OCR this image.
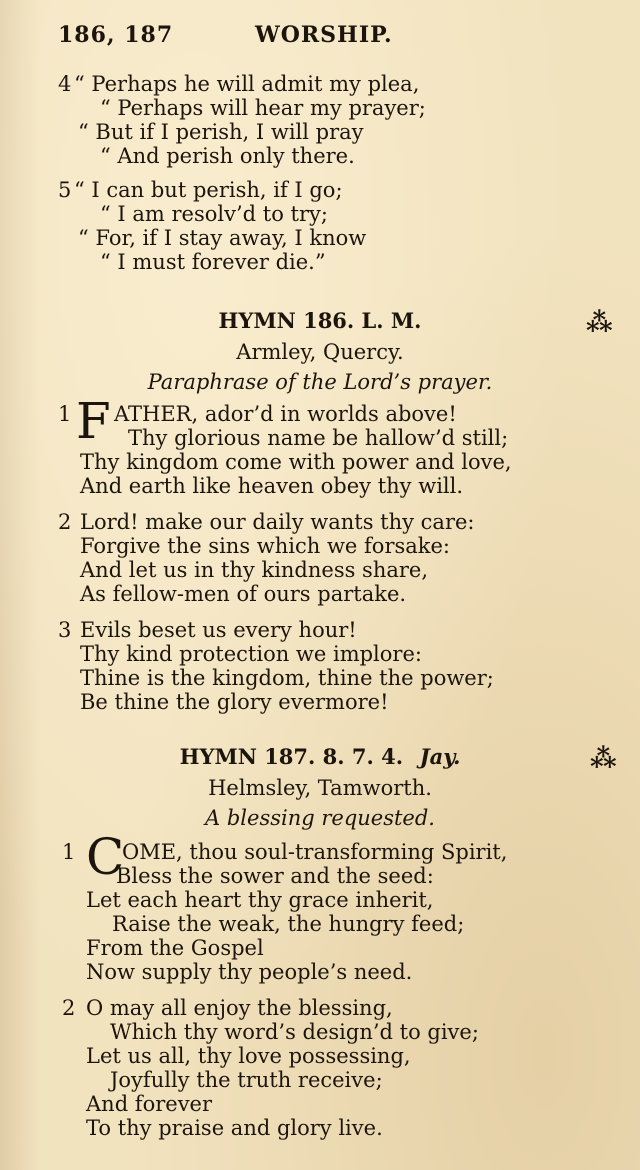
186, 187	WORSHIP.
4 “ Perhaps he will admit my plea,
“ Perhaps will hear my prayer;
“ But if I perish, I will pray
“ And perish only there.
5 “ I can but perish, if I go;
“ I am resolv’d to try;
“ For, if I stay away, I know
“ I must forever die.”
HYMN 186. L. M.	⁂
Armley, Quercy.
Paraphrase of the Lord’s prayer.
1 F ATHER, ador’d in worlds above!
Thy glorious name be hallow’d still;
Thy kingdom come with power and love,
And earth like heaven obey thy will.
2 Lord! make our daily wants thy care:
Forgive the sins which we forsake:
And let us in thy kindness share,
As fellow-men of ours partake.
3 Evils beset us every hour!
Thy kind protection we implore:
Thine is the kingdom, thine the power;
Be thine the glory evermore!
HYMN 187. 8. 7. 4. Jay.	⁂
Helmsley, Tamworth.
A blessing requested.
1 C
OME, thou soul-transforming Spirit,
Bless the sower and the seed:
Let each heart thy grace inherit,
Raise the weak, the hungry feed;
From the Gospel
Now supply thy people’s need.
2 O may all enjoy the blessing,
Which thy word’s design’d to give;
Let us all, thy love possessing,
Joyfully the truth receive;
And forever
To thy praise and glory live.
